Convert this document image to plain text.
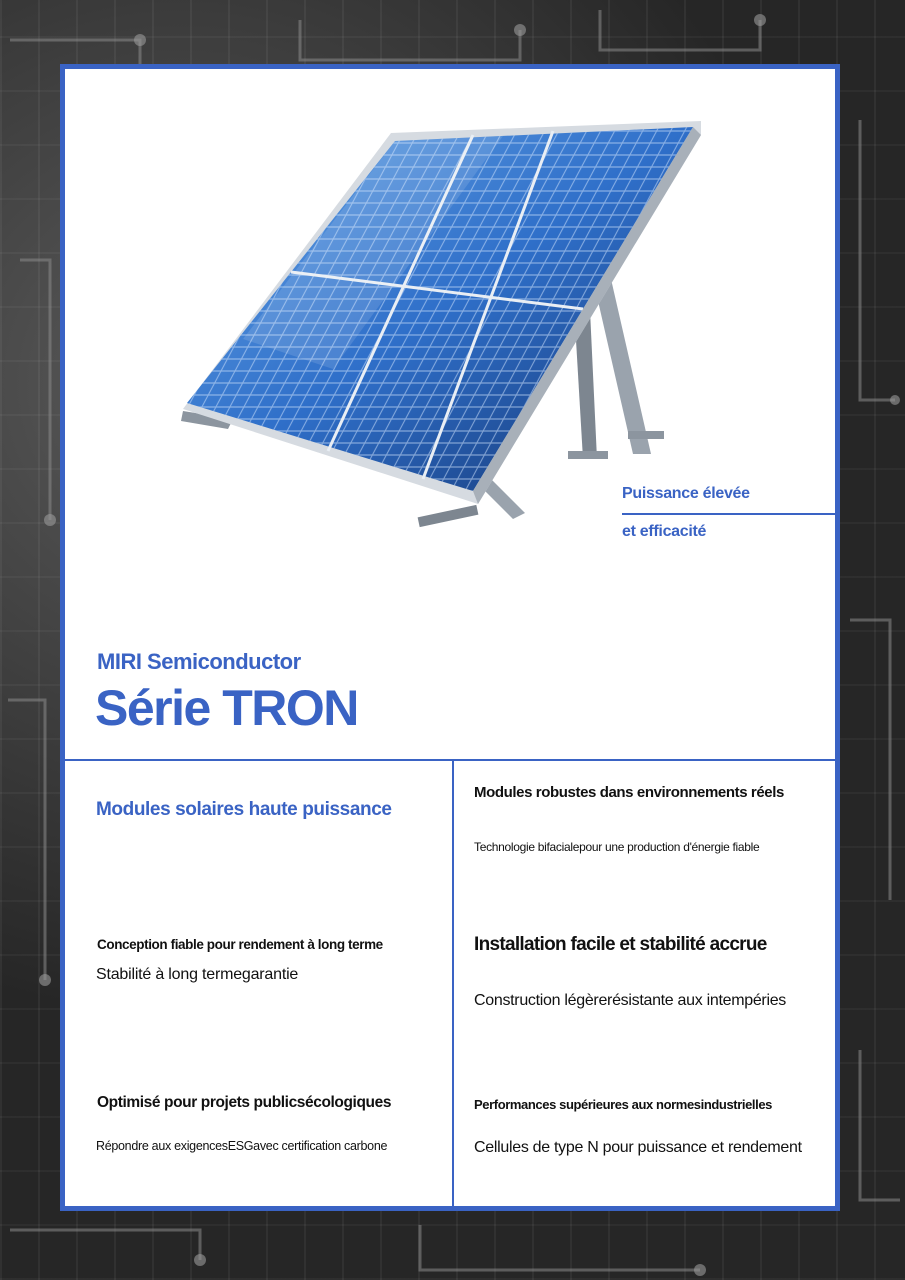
Puissance élevée
et efficacité
MIRI Semiconductor
Série TRON
Modules solaires haute puissance
Conception fiable pour rendement à long terme
Stabilité à long termegarantie
Optimisé pour projets publicsécologiques
Répondre aux exigencesESGavec certification carbone
Modules robustes dans environnements réels
Technologie bifacialepour une production d'énergie fiable
Installation facile et stabilité accrue
Construction légèrerésistante aux intempéries
Performances supérieures aux normesindustrielles
Cellules de type N pour puissance et rendement
